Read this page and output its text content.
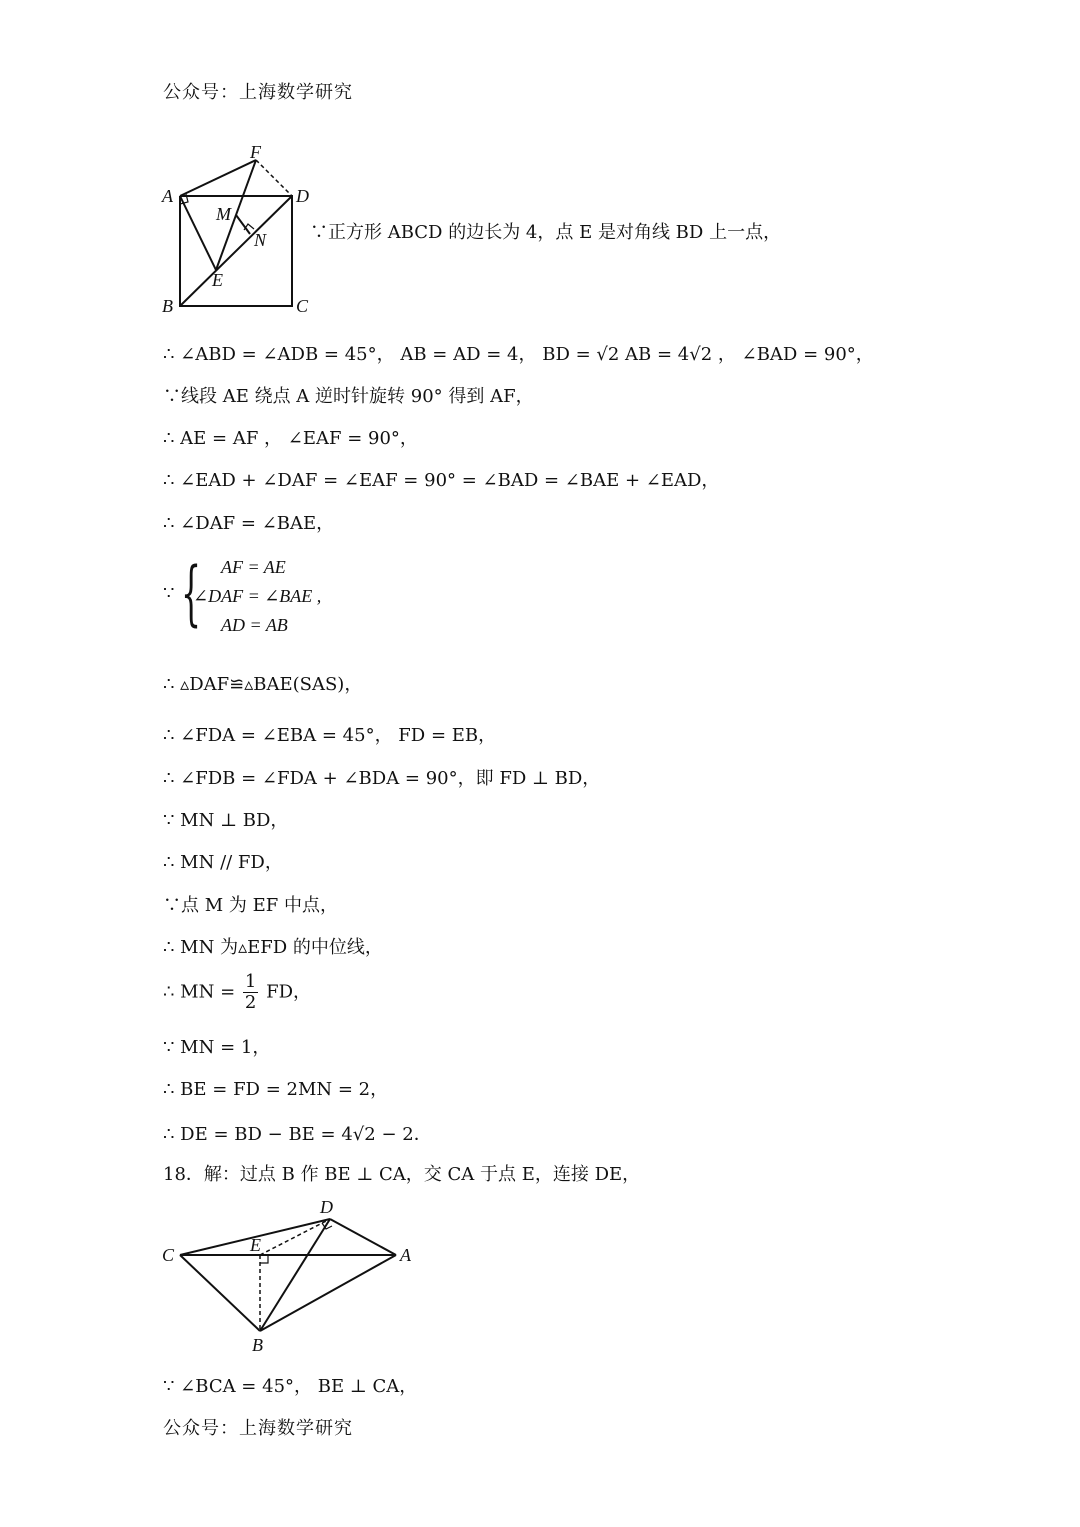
公众号：上海数学研究
F
A	D
M
N
E
B	C
∵正方形 ABCD 的边长为 4，点 E 是对角线 BD 上一点，
∴ ∠ABD = ∠ADB = 45°， AB = AD = 4， BD = √2 AB = 4√2 ， ∠BAD = 90°，
∵线段 AE 绕点 A 逆时针旋转 90° 得到 AF，
∴ AE = AF ， ∠EAF = 90°，
∴ ∠EAD + ∠DAF = ∠EAF = 90° = ∠BAD = ∠BAE + ∠EAD，
∴ ∠DAF = ∠BAE，
∵ { AF = AE
∠DAF = ∠BAE ,
AD = AB
∴ ▵DAF≌▵BAE(SAS)，
∴ ∠FDA = ∠EBA = 45°， FD = EB，
∴ ∠FDB = ∠FDA + ∠BDA = 90°，即 FD ⊥ BD，
∵ MN ⊥ BD，
∴ MN // FD，
∵点 M 为 EF 中点，
∴ MN 为▵EFD 的中位线，
∴ MN = $\frac{1}{2}$ FD，
∵ MN = 1，
∴ BE = FD = 2MN = 2，
∴ DE = BD − BE = 4√2 − 2．
18．解：过点 B 作 BE ⊥ CA，交 CA 于点 E，连接 DE，
D
C	E	A
B
∵ ∠BCA = 45°， BE ⊥ CA，
公众号：上海数学研究
